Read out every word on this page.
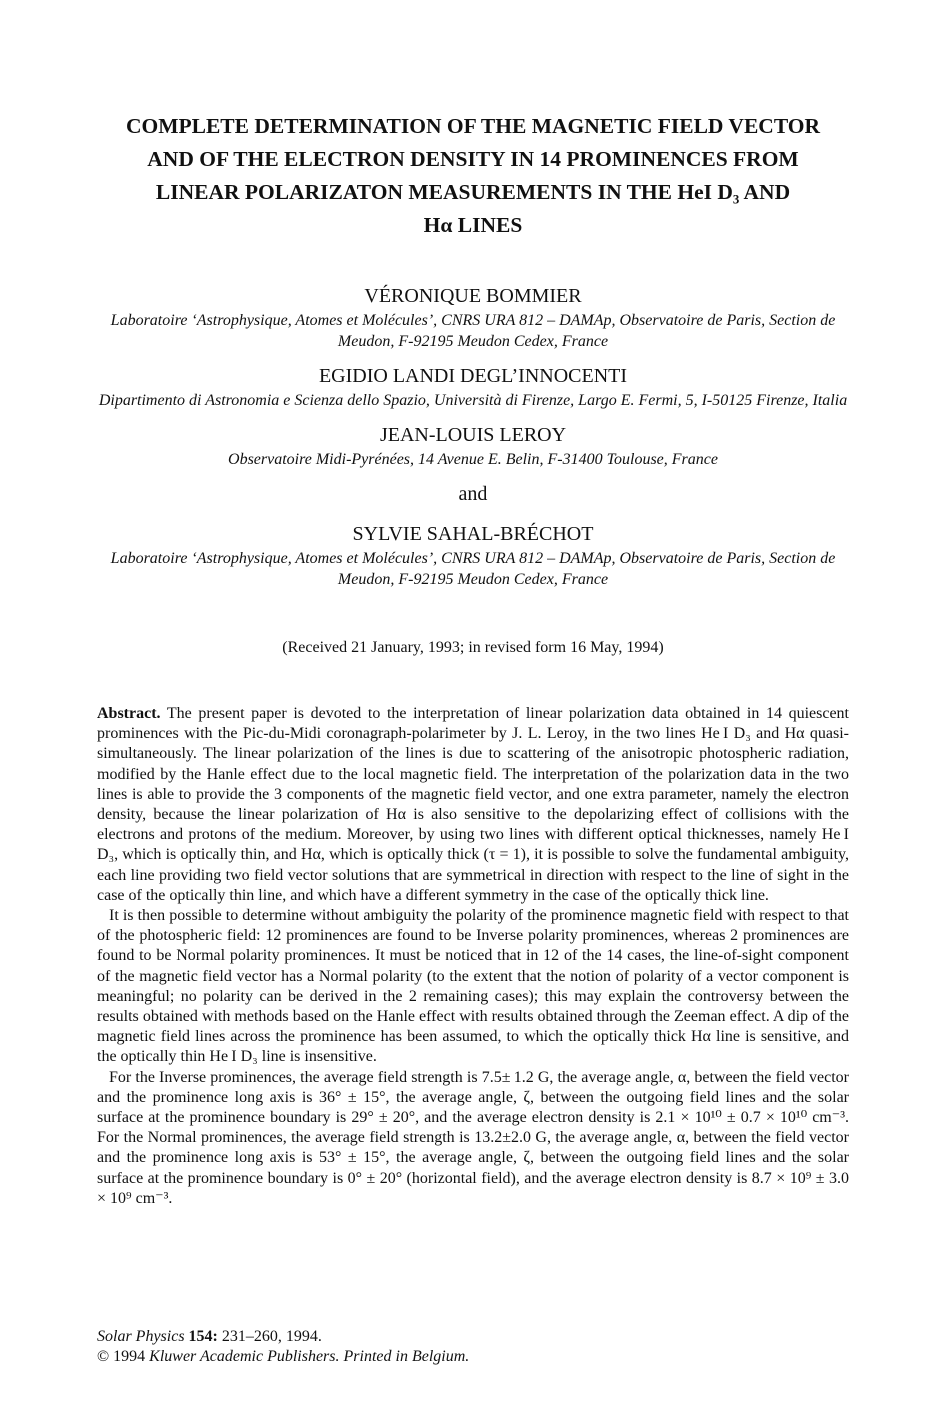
COMPLETE DETERMINATION OF THE MAGNETIC FIELD VECTOR
AND OF THE ELECTRON DENSITY IN 14 PROMINENCES FROM
LINEAR POLARIZATON MEASUREMENTS IN THE HeI D₃ AND
Hα LINES
VÉRONIQUE BOMMIER
Laboratoire ‘Astrophysique, Atomes et Molécules’, CNRS URA 812 – DAMAp, Observatoire de Paris, Section de Meudon, F-92195 Meudon Cedex, France
EGIDIO LANDI DEGL’INNOCENTI
Dipartimento di Astronomia e Scienza dello Spazio, Università di Firenze, Largo E. Fermi, 5, I-50125 Firenze, Italia
JEAN-LOUIS LEROY
Observatoire Midi-Pyrénées, 14 Avenue E. Belin, F-31400 Toulouse, France
and
SYLVIE SAHAL-BRÉCHOT
Laboratoire ‘Astrophysique, Atomes et Molécules’, CNRS URA 812 – DAMAp, Observatoire de Paris, Section de Meudon, F-92195 Meudon Cedex, France
(Received 21 January, 1993; in revised form 16 May, 1994)

Abstract. The present paper is devoted to the interpretation of linear polarization data obtained in 14 quiescent prominences with the Pic-du-Midi coronagraph-polarimeter by J. L. Leroy, in the two lines He I D₃ and Hα quasi-simultaneously. The linear polarization of the lines is due to scattering of the anisotropic photospheric radiation, modified by the Hanle effect due to the local magnetic field. The interpretation of the polarization data in the two lines is able to provide the 3 components of the magnetic field vector, and one extra parameter, namely the electron density, because the linear polarization of Hα is also sensitive to the depolarizing effect of collisions with the electrons and protons of the medium. Moreover, by using two lines with different optical thicknesses, namely He I D₃, which is optically thin, and Hα, which is optically thick (τ = 1), it is possible to solve the fundamental ambiguity, each line providing two field vector solutions that are symmetrical in direction with respect to the line of sight in the case of the optically thin line, and which have a different symmetry in the case of the optically thick line.

It is then possible to determine without ambiguity the polarity of the prominence magnetic field with respect to that of the photospheric field: 12 prominences are found to be Inverse polarity prominences, whereas 2 prominences are found to be Normal polarity prominences. It must be noticed that in 12 of the 14 cases, the line-of-sight component of the magnetic field vector has a Normal polarity (to the extent that the notion of polarity of a vector component is meaningful; no polarity can be derived in the 2 remaining cases); this may explain the controversy between the results obtained with methods based on the Hanle effect with results obtained through the Zeeman effect. A dip of the magnetic field lines across the prominence has been assumed, to which the optically thick Hα line is sensitive, and the optically thin He I D₃ line is insensitive.

For the Inverse prominences, the average field strength is 7.5± 1.2 G, the average angle, α, between the field vector and the prominence long axis is 36° ± 15°, the average angle, ζ, between the outgoing field lines and the solar surface at the prominence boundary is 29° ± 20°, and the average electron density is 2.1 × 10¹⁰ ± 0.7 × 10¹⁰ cm⁻³. For the Normal prominences, the average field strength is 13.2±2.0 G, the average angle, α, between the field vector and the prominence long axis is 53° ± 15°, the average angle, ζ, between the outgoing field lines and the solar surface at the prominence boundary is 0° ± 20° (horizontal field), and the average electron density is 8.7 × 10⁹ ± 3.0 × 10⁹ cm⁻³.

Solar Physics 154: 231–260, 1994.
© 1994 Kluwer Academic Publishers. Printed in Belgium.
